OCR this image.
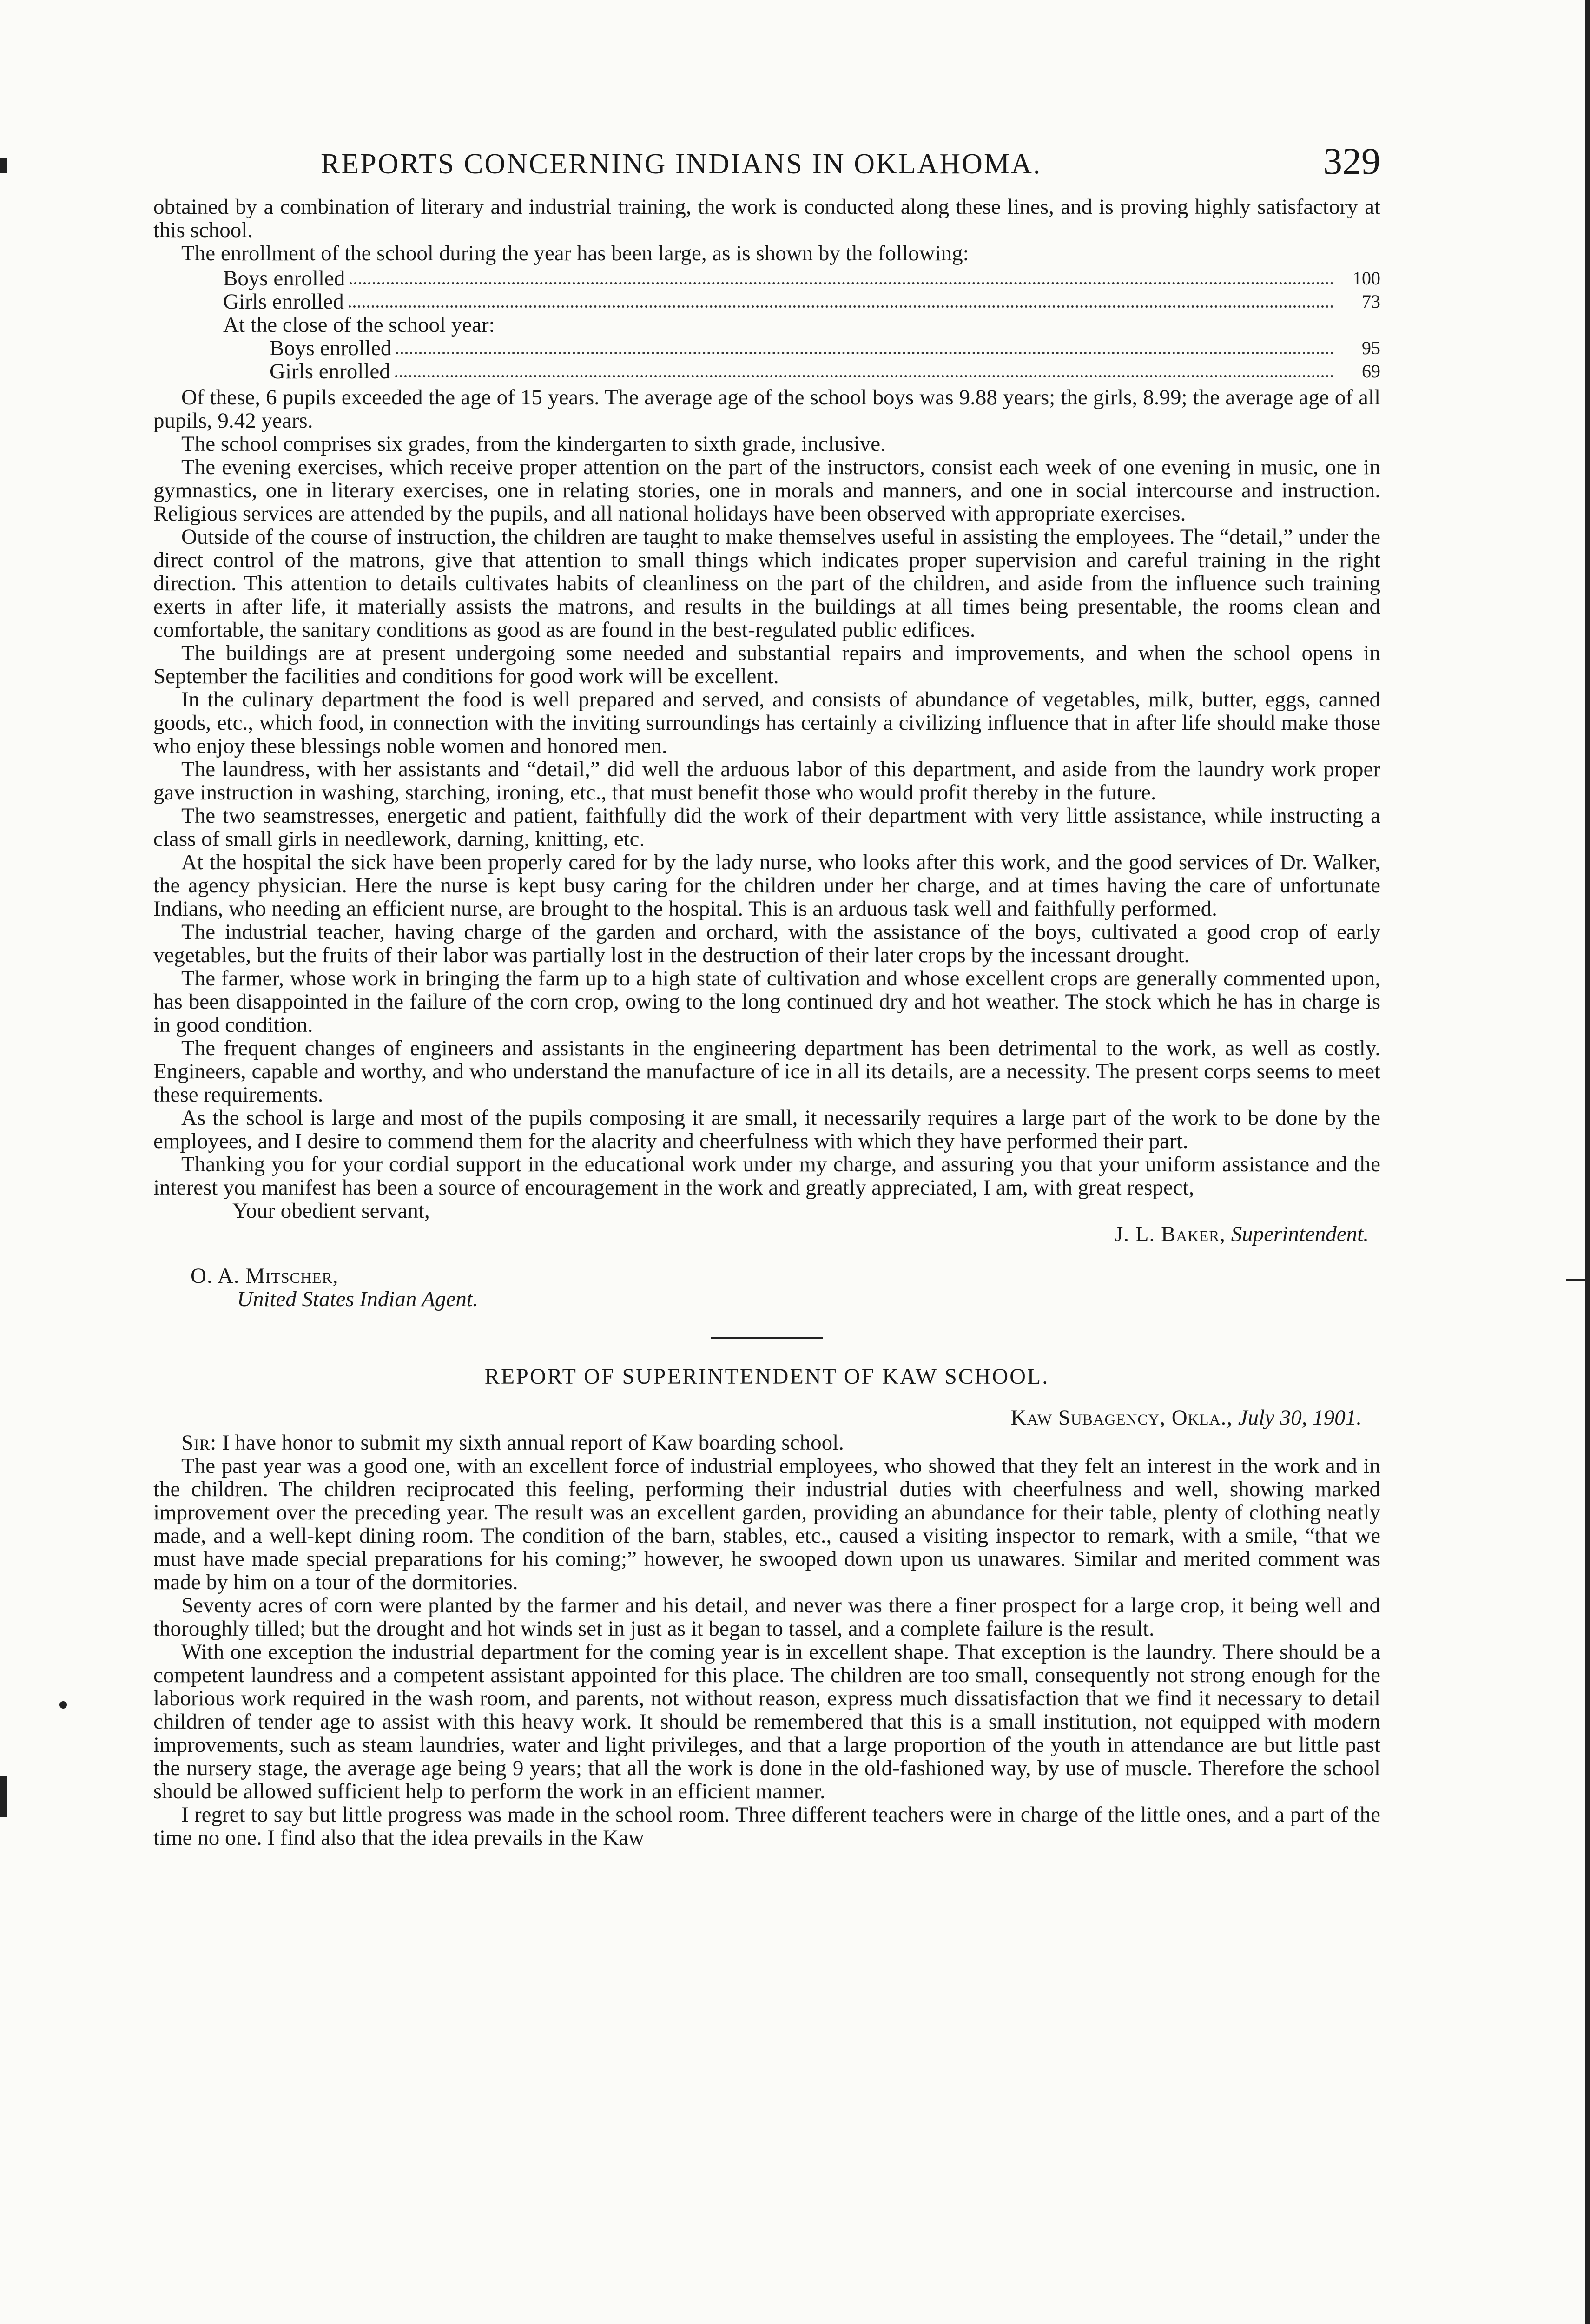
REPORTS CONCERNING INDIANS IN OKLAHOMA.	329

obtained by a combination of literary and industrial training, the work is conducted along these lines, and is proving highly satisfactory at this school.

The enrollment of the school during the year has been large, as is shown by the following:

Boys enrolled	100
Girls enrolled	73
At the close of the school year:
Boys enrolled	95
Girls enrolled	69

Of these, 6 pupils exceeded the age of 15 years. The average age of the school boys was 9.88 years; the girls, 8.99; the average age of all pupils, 9.42 years.

The school comprises six grades, from the kindergarten to sixth grade, inclusive.

The evening exercises, which receive proper attention on the part of the instructors, consist each week of one evening in music, one in gymnastics, one in literary exercises, one in relating stories, one in morals and manners, and one in social intercourse and instruction. Religious services are attended by the pupils, and all national holidays have been observed with appropriate exercises.

Outside of the course of instruction, the children are taught to make themselves useful in assisting the employees. The “detail,” under the direct control of the matrons, give that attention to small things which indicates proper supervision and careful training in the right direction. This attention to details cultivates habits of cleanliness on the part of the children, and aside from the influence such training exerts in after life, it materially assists the matrons, and results in the buildings at all times being presentable, the rooms clean and comfortable, the sanitary conditions as good as are found in the best-regulated public edifices.

The buildings are at present undergoing some needed and substantial repairs and improvements, and when the school opens in September the facilities and conditions for good work will be excellent.

In the culinary department the food is well prepared and served, and consists of abundance of vegetables, milk, butter, eggs, canned goods, etc., which food, in connection with the inviting surroundings has certainly a civilizing influence that in after life should make those who enjoy these blessings noble women and honored men.

The laundress, with her assistants and “detail,” did well the arduous labor of this department, and aside from the laundry work proper gave instruction in washing, starching, ironing, etc., that must benefit those who would profit thereby in the future.

The two seamstresses, energetic and patient, faithfully did the work of their department with very little assistance, while instructing a class of small girls in needlework, darning, knitting, etc.

At the hospital the sick have been properly cared for by the lady nurse, who looks after this work, and the good services of Dr. Walker, the agency physician. Here the nurse is kept busy caring for the children under her charge, and at times having the care of unfortunate Indians, who needing an efficient nurse, are brought to the hospital. This is an arduous task well and faithfully performed.

The industrial teacher, having charge of the garden and orchard, with the assistance of the boys, cultivated a good crop of early vegetables, but the fruits of their labor was partially lost in the destruction of their later crops by the incessant drought.

The farmer, whose work in bringing the farm up to a high state of cultivation and whose excellent crops are generally commented upon, has been disappointed in the failure of the corn crop, owing to the long continued dry and hot weather. The stock which he has in charge is in good condition.

The frequent changes of engineers and assistants in the engineering department has been detrimental to the work, as well as costly. Engineers, capable and worthy, and who understand the manufacture of ice in all its details, are a necessity. The present corps seems to meet these requirements.

As the school is large and most of the pupils composing it are small, it necessarily requires a large part of the work to be done by the employees, and I desire to commend them for the alacrity and cheerfulness with which they have performed their part.

Thanking you for your cordial support in the educational work under my charge, and assuring you that your uniform assistance and the interest you manifest has been a source of encouragement in the work and greatly appreciated, I am, with great respect,

Your obedient servant,

J. L. Baker, Superintendent.

O. A. Mitscher,

United States Indian Agent.

REPORT OF SUPERINTENDENT OF KAW SCHOOL.

Kaw Subagency, Okla., July 30, 1901.

Sir: I have honor to submit my sixth annual report of Kaw boarding school.

The past year was a good one, with an excellent force of industrial employees, who showed that they felt an interest in the work and in the children. The children reciprocated this feeling, performing their industrial duties with cheerfulness and well, showing marked improvement over the preceding year. The result was an excellent garden, providing an abundance for their table, plenty of clothing neatly made, and a well-kept dining room. The condition of the barn, stables, etc., caused a visiting inspector to remark, with a smile, “that we must have made special preparations for his coming;” however, he swooped down upon us unawares. Similar and merited comment was made by him on a tour of the dormitories.

Seventy acres of corn were planted by the farmer and his detail, and never was there a finer prospect for a large crop, it being well and thoroughly tilled; but the drought and hot winds set in just as it began to tassel, and a complete failure is the result.

With one exception the industrial department for the coming year is in excellent shape. That exception is the laundry. There should be a competent laundress and a competent assistant appointed for this place. The children are too small, consequently not strong enough for the laborious work required in the wash room, and parents, not without reason, express much dissatisfaction that we find it necessary to detail children of tender age to assist with this heavy work. It should be remembered that this is a small institution, not equipped with modern improvements, such as steam laundries, water and light privileges, and that a large proportion of the youth in attendance are but little past the nursery stage, the average age being 9 years; that all the work is done in the old-fashioned way, by use of muscle. Therefore the school should be allowed sufficient help to perform the work in an efficient manner.

I regret to say but little progress was made in the school room. Three different teachers were in charge of the little ones, and a part of the time no one. I find also that the idea prevails in the Kaw
